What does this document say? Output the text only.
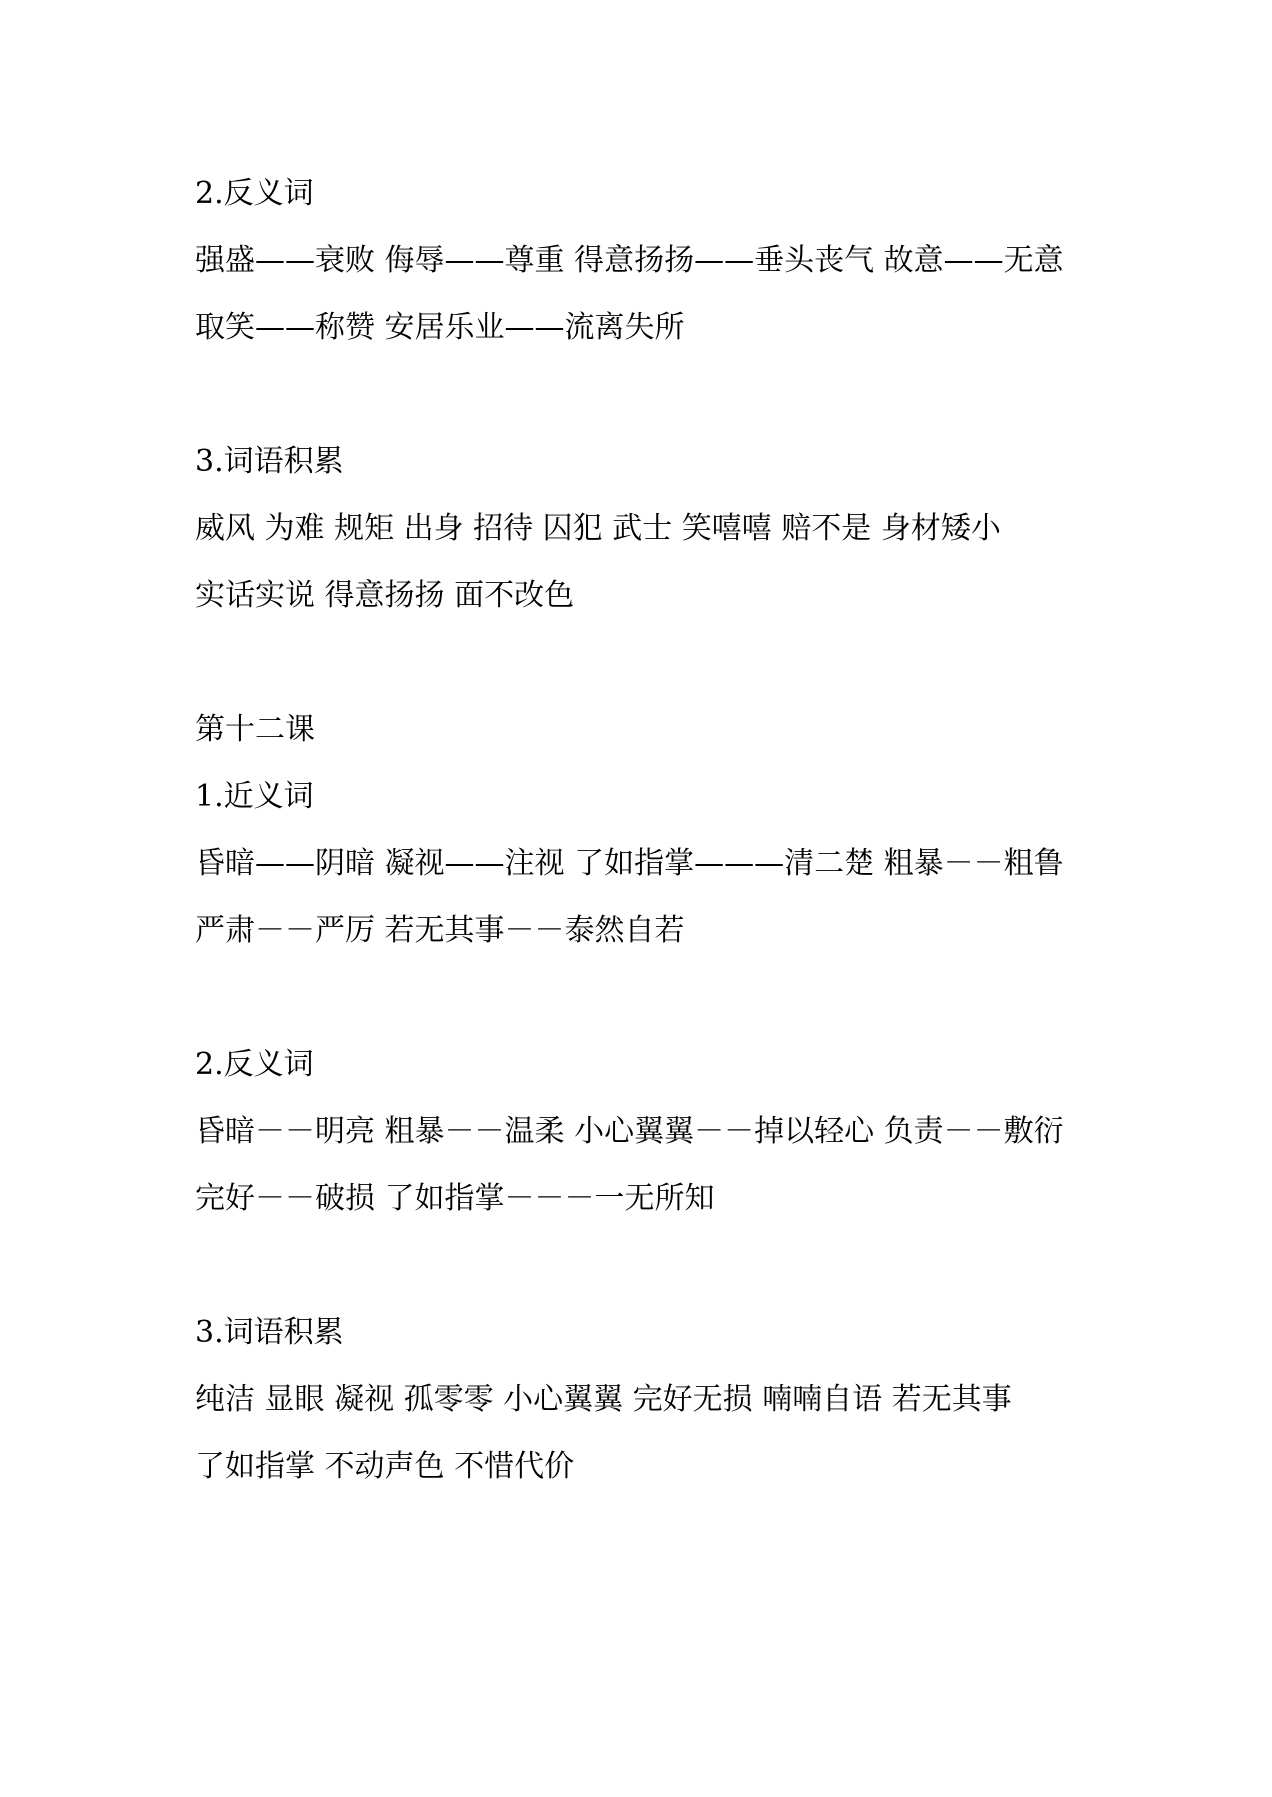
2.反义词
强盛——衰败 侮辱——尊重 得意扬扬——垂头丧气 故意——无意
取笑——称赞 安居乐业——流离失所
3.词语积累
威风 为难 规矩 出身 招待 囚犯 武士 笑嘻嘻 赔不是 身材矮小
实话实说 得意扬扬 面不改色
第十二课
1.近义词
昏暗——阴暗 凝视——注视 了如指掌———清二楚 粗暴－－粗鲁
严肃－－严厉 若无其事－－泰然自若
2.反义词
昏暗－－明亮 粗暴－－温柔 小心翼翼－－掉以轻心 负责－－敷衍
完好－－破损 了如指掌－－－一无所知
3.词语积累
纯洁 显眼 凝视 孤零零 小心翼翼 完好无损 喃喃自语 若无其事
了如指掌 不动声色 不惜代价
